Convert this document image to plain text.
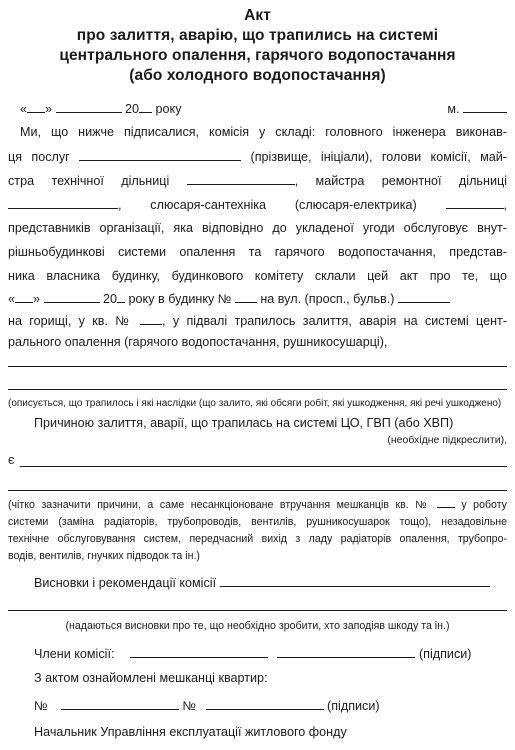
Акт
про залиття, аварію, що трапились на системі
центрального опалення, гарячого водопостачання
(або холодного водопостачання)
« »	20 року	м.
Ми, що нижче підписалися, комісія у складі: головного інженера виконав-
ця послуг	(прізвище, ініціали), голови комісії, май-
стра технічної дільниці	, майстра ремонтної дільниці
, слюсаря-сантехніка (слюсаря-електрика)	,
представників організації, яка відповідно до укладеної угоди обслуговує внут-
рішньобудинкові системи опалення та гарячого водопостачання, представ-
ника власника будинку, будинкового комітету склали цей акт про те, що
« »	20 року в будинку № на вул. (просп., бульв.)
на горищі, у кв. № , у підвалі трапилось залиття, аварія на системі цент-
рального опалення (гарячого водопостачання, рушникосушарці),
(описується, що трапилось і які наслідки (що залито, які обсяги робіт, які ушкодження, які речі ушкоджено)
Причиною залиття, аварії, що трапилась на системі ЦО, ГВП (або ХВП)
(необхідне підкреслити),
є
(чітко зазначити причини, а саме несанкціоноване втручання мешканців кв. №	у роботу
системи (заміна радіаторів, трубопроводів, вентилів, рушникосушарок тощо), незадовільне
технічне обслуговування систем, передчасний вихід з ладу радіаторів опалення, трубопро-
водів, вентилів, гнучких підводок та ін.)
Висновки і рекомендації комісії
(надаються висновки про те, що необхідно зробити, хто заподіяв шкоду та ін.)
Члени комісії:	(підписи)
З актом ознайомлені мешканці квартир:
№	№	(підписи)
Начальник Управління експлуатації житлового фонду
